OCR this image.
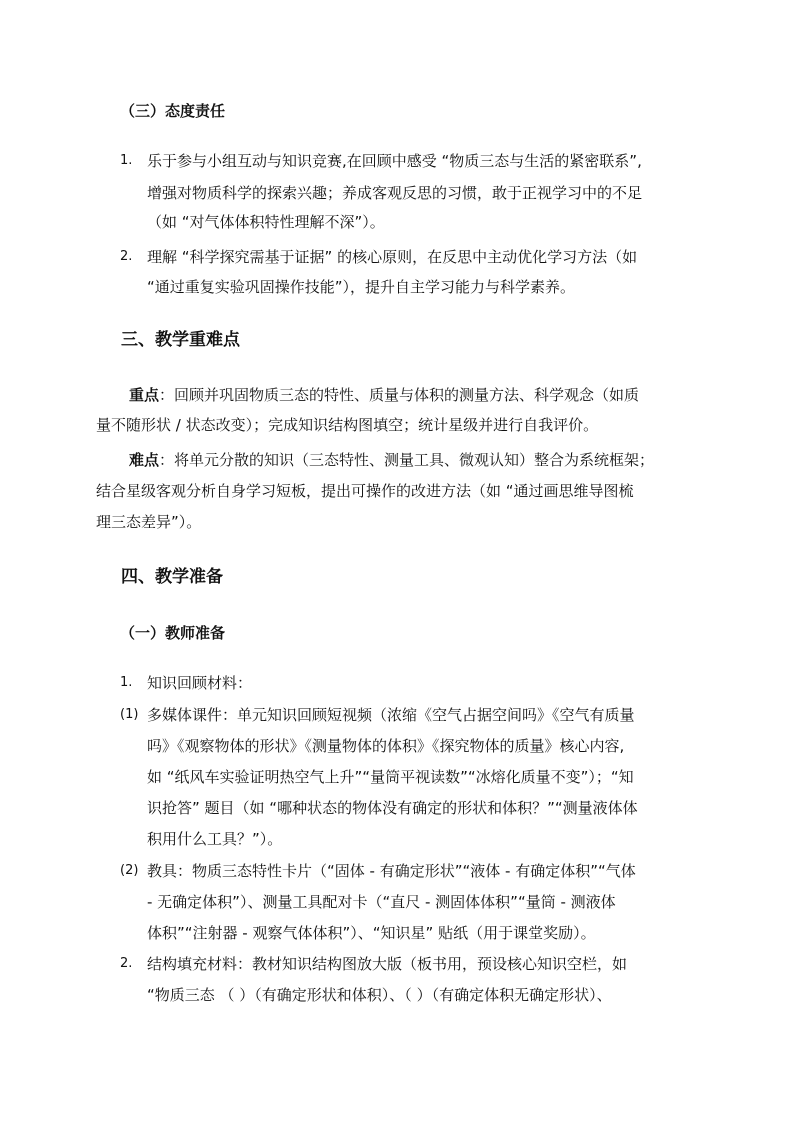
（三）态度责任
1. 乐于参与小组互动与知识竞赛,在回顾中感受 “物质三态与生活的紧密联系”,
增强对物质科学的探索兴趣；养成客观反思的习惯，敢于正视学习中的不足
（如 “对气体体积特性理解不深”）。
2. 理解 “科学探究需基于证据” 的核心原则，在反思中主动优化学习方法（如
“通过重复实验巩固操作技能”），提升自主学习能力与科学素养。
三、教学重难点
重点：回顾并巩固物质三态的特性、质量与体积的测量方法、科学观念（如质
量不随形状 / 状态改变）；完成知识结构图填空；统计星级并进行自我评价。
难点：将单元分散的知识（三态特性、测量工具、微观认知）整合为系统框架；
结合星级客观分析自身学习短板，提出可操作的改进方法（如 “通过画思维导图梳
理三态差异”）。
四、教学准备
（一）教师准备
1. 知识回顾材料：
(1) 多媒体课件：单元知识回顾短视频（浓缩《空气占据空间吗》《空气有质量
吗》《观察物体的形状》《测量物体的体积》《探究物体的质量》核心内容,
如 “纸风车实验证明热空气上升”“量筒平视读数”“冰熔化质量不变”）；“知
识抢答” 题目（如 “哪种状态的物体没有确定的形状和体积？”“测量液体体
积用什么工具？”）。
(2) 教具：物质三态特性卡片（“固体 - 有确定形状”“液体 - 有确定体积”“气体
- 无确定体积”）、测量工具配对卡（“直尺 - 测固体体积”“量筒 - 测液体
体积”“注射器 - 观察气体体积”）、“知识星” 贴纸（用于课堂奖励）。
2. 结构填充材料：教材知识结构图放大版（板书用，预设核心知识空栏，如
“物质三态 （ ）（有确定形状和体积）、（ ）（有确定体积无确定形状）、
